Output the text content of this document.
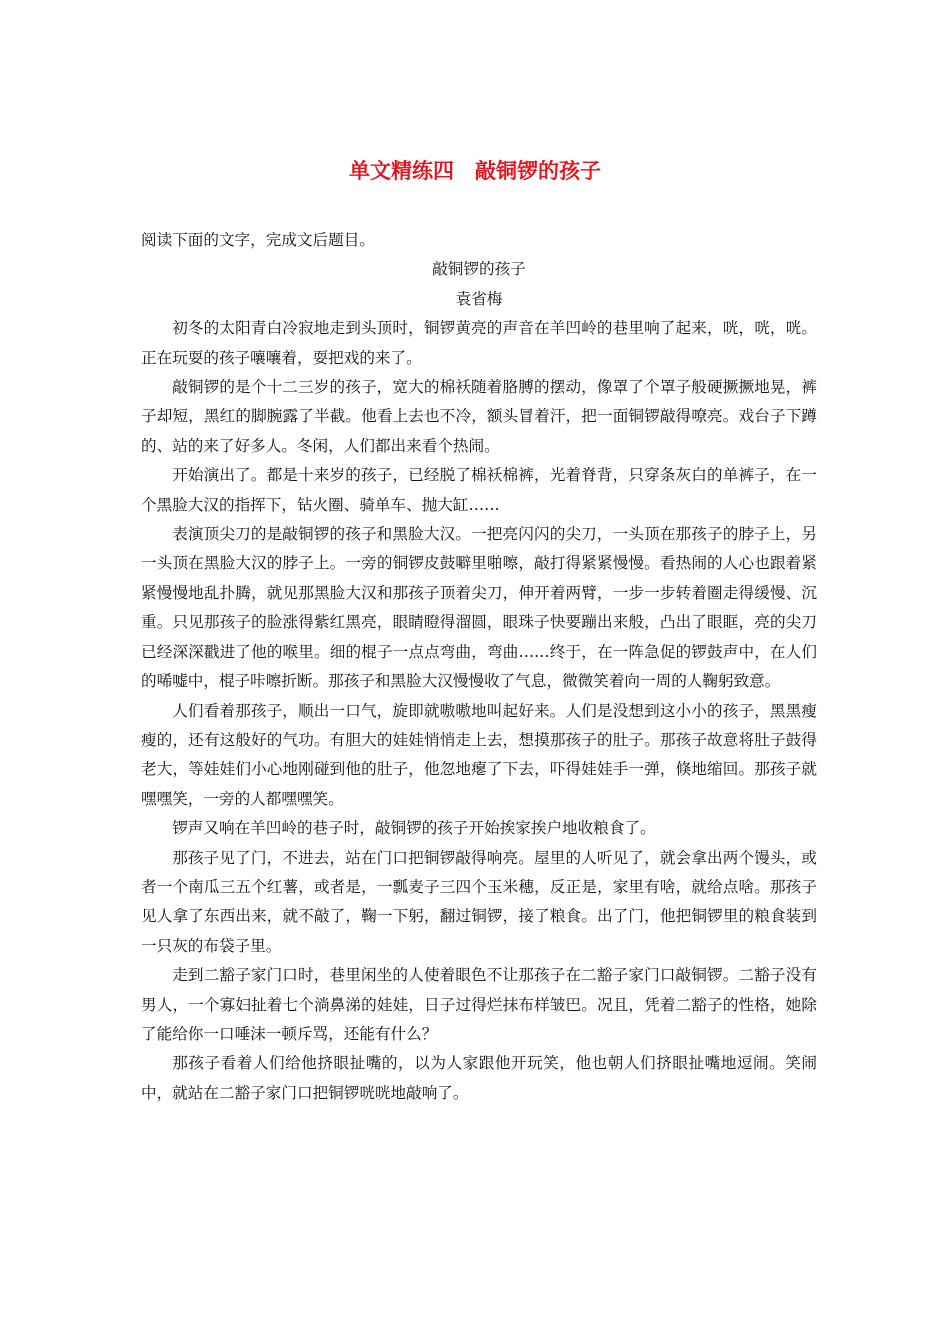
单文精练四　敲铜锣的孩子

阅读下面的文字，完成文后题目。

敲铜锣的孩子

袁省梅

初冬的太阳青白冷寂地走到头顶时，铜锣黄亮的声音在羊凹岭的巷里响了起来，咣，咣，咣。正在玩耍的孩子嚷嚷着，耍把戏的来了。

敲铜锣的是个十二三岁的孩子，宽大的棉袄随着胳膊的摆动，像罩了个罩子般硬撅撅地晃，裤子却短，黑红的脚腕露了半截。他看上去也不冷，额头冒着汗，把一面铜锣敲得嘹亮。戏台子下蹲的、站的来了好多人。冬闲，人们都出来看个热闹。

开始演出了。都是十来岁的孩子，已经脱了棉袄棉裤，光着脊背，只穿条灰白的单裤子，在一个黑脸大汉的指挥下，钻火圈、骑单车、抛大缸……

表演顶尖刀的是敲铜锣的孩子和黑脸大汉。一把亮闪闪的尖刀，一头顶在那孩子的脖子上，另一头顶在黑脸大汉的脖子上。一旁的铜锣皮鼓噼里啪嚓，敲打得紧紧慢慢。看热闹的人心也跟着紧紧慢慢地乱扑腾，就见那黑脸大汉和那孩子顶着尖刀，伸开着两臂，一步一步转着圈走得缓慢、沉重。只见那孩子的脸涨得紫红黑亮，眼睛瞪得溜圆，眼珠子快要蹦出来般，凸出了眼眶，亮的尖刀已经深深戳进了他的喉里。细的棍子一点点弯曲，弯曲……终于，在一阵急促的锣鼓声中，在人们的唏嘘中，棍子咔嚓折断。那孩子和黑脸大汉慢慢收了气息，微微笑着向一周的人鞠躬致意。

人们看着那孩子，顺出一口气，旋即就嗷嗷地叫起好来。人们是没想到这小小的孩子，黑黑瘦瘦的，还有这般好的气功。有胆大的娃娃悄悄走上去，想摸那孩子的肚子。那孩子故意将肚子鼓得老大，等娃娃们小心地刚碰到他的肚子，他忽地瘪了下去，吓得娃娃手一弹，倏地缩回。那孩子就嘿嘿笑，一旁的人都嘿嘿笑。

锣声又响在羊凹岭的巷子时，敲铜锣的孩子开始挨家挨户地收粮食了。

那孩子见了门，不进去，站在门口把铜锣敲得响亮。屋里的人听见了，就会拿出两个馒头，或者一个南瓜三五个红薯，或者是，一瓢麦子三四个玉米穗，反正是，家里有啥，就给点啥。那孩子见人拿了东西出来，就不敲了，鞠一下躬，翻过铜锣，接了粮食。出了门，他把铜锣里的粮食装到一只灰的布袋子里。

走到二豁子家门口时，巷里闲坐的人使着眼色不让那孩子在二豁子家门口敲铜锣。二豁子没有男人，一个寡妇扯着七个淌鼻涕的娃娃，日子过得烂抹布样皱巴。况且，凭着二豁子的性格，她除了能给你一口唾沫一顿斥骂，还能有什么？

那孩子看着人们给他挤眼扯嘴的，以为人家跟他开玩笑，他也朝人们挤眼扯嘴地逗闹。笑闹中，就站在二豁子家门口把铜锣咣咣地敲响了。
